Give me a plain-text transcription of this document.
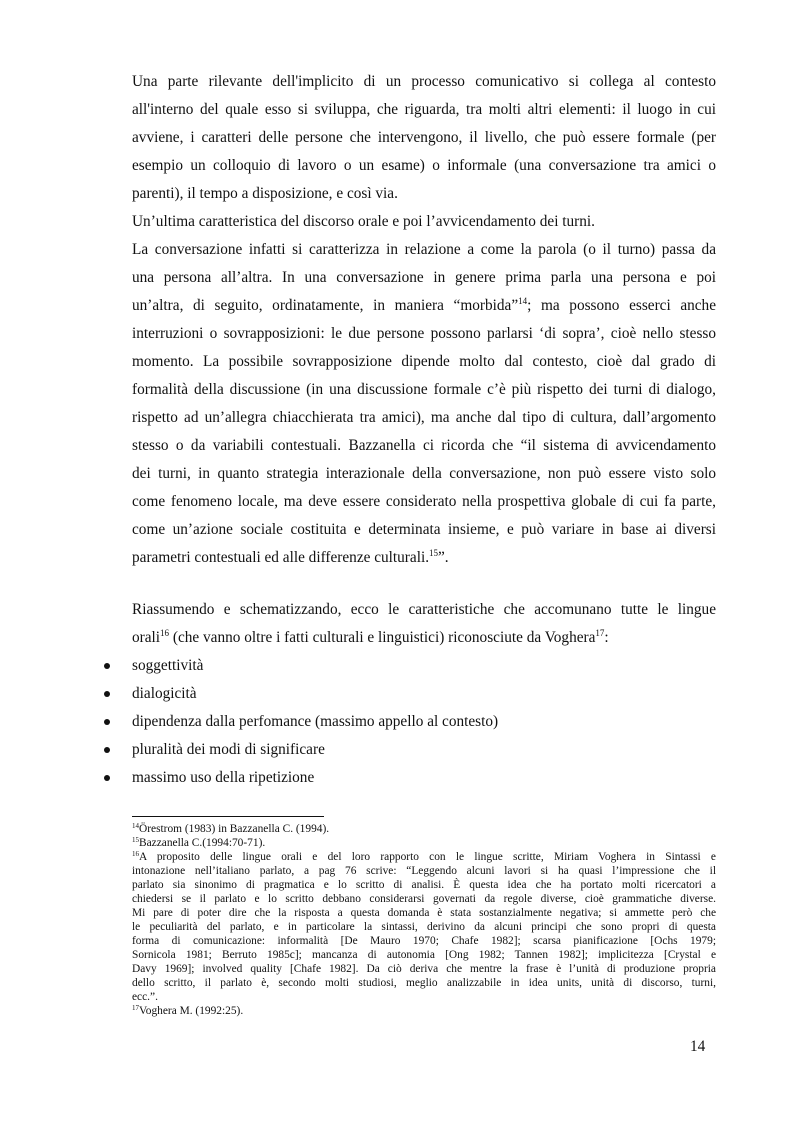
Una parte rilevante dell'implicito di un processo comunicativo si collega al contesto
all'interno del quale esso si sviluppa, che riguarda, tra molti altri elementi: il luogo in cui
avviene, i caratteri delle persone che intervengono, il livello, che può essere formale (per
esempio un colloquio di lavoro o un esame) o informale (una conversazione tra amici o
parenti), il tempo a disposizione, e così via.
Un’ultima caratteristica del discorso orale e poi l’avvicendamento dei turni.
La conversazione infatti si caratterizza in relazione a come la parola (o il turno) passa da
una persona all’altra. In una conversazione in genere prima parla una persona e poi
un’altra, di seguito, ordinatamente, in maniera “morbida”$^{14}$; ma possono esserci anche
interruzioni o sovrapposizioni: le due persone possono parlarsi ‘di sopra’, cioè nello stesso
momento. La possibile sovrapposizione dipende molto dal contesto, cioè dal grado di
formalità della discussione (in una discussione formale c’è più rispetto dei turni di dialogo,
rispetto ad un’allegra chiacchierata tra amici), ma anche dal tipo di cultura, dall’argomento
stesso o da variabili contestuali. Bazzanella ci ricorda che “il sistema di avvicendamento
dei turni, in quanto strategia interazionale della conversazione, non può essere visto solo
come fenomeno locale, ma deve essere considerato nella prospettiva globale di cui fa parte,
come un’azione sociale costituita e determinata insieme, e può variare in base ai diversi
parametri contestuali ed alle differenze culturali.$^{15}$”.
Riassumendo e schematizzando, ecco le caratteristiche che accomunano tutte le lingue
orali$^{16}$ (che vanno oltre i fatti culturali e linguistici) riconosciute da Voghera$^{17}$:
soggettività
dialogicità
dipendenza dalla perfomance (massimo appello al contesto)
pluralità dei modi di significare
massimo uso della ripetizione
$^{14}$Örestrom (1983) in Bazzanella C. (1994).
$^{15}$Bazzanella C.(1994:70-71).
$^{16}$A proposito delle lingue orali e del loro rapporto con le lingue scritte, Miriam Voghera in Sintassi e
intonazione nell’italiano parlato, a pag 76 scrive: “Leggendo alcuni lavori si ha quasi l’impressione che il
parlato sia sinonimo di pragmatica e lo scritto di analisi. È questa idea che ha portato molti ricercatori a
chiedersi se il parlato e lo scritto debbano considerarsi governati da regole diverse, cioè grammatiche diverse.
Mi pare di poter dire che la risposta a questa domanda è stata sostanzialmente negativa; si ammette però che
le peculiarità del parlato, e in particolare la sintassi, derivino da alcuni principi che sono propri di questa
forma di comunicazione: informalità [De Mauro 1970; Chafe 1982]; scarsa pianificazione [Ochs 1979;
Sornicola 1981; Berruto 1985c]; mancanza di autonomia [Ong 1982; Tannen 1982]; implicitezza [Crystal e
Davy 1969]; involved quality [Chafe 1982]. Da ciò deriva che mentre la frase è l’unità di produzione propria
dello scritto, il parlato è, secondo molti studiosi, meglio analizzabile in idea units, unità di discorso, turni,
ecc.”.
$^{17}$Voghera M. (1992:25).
14
